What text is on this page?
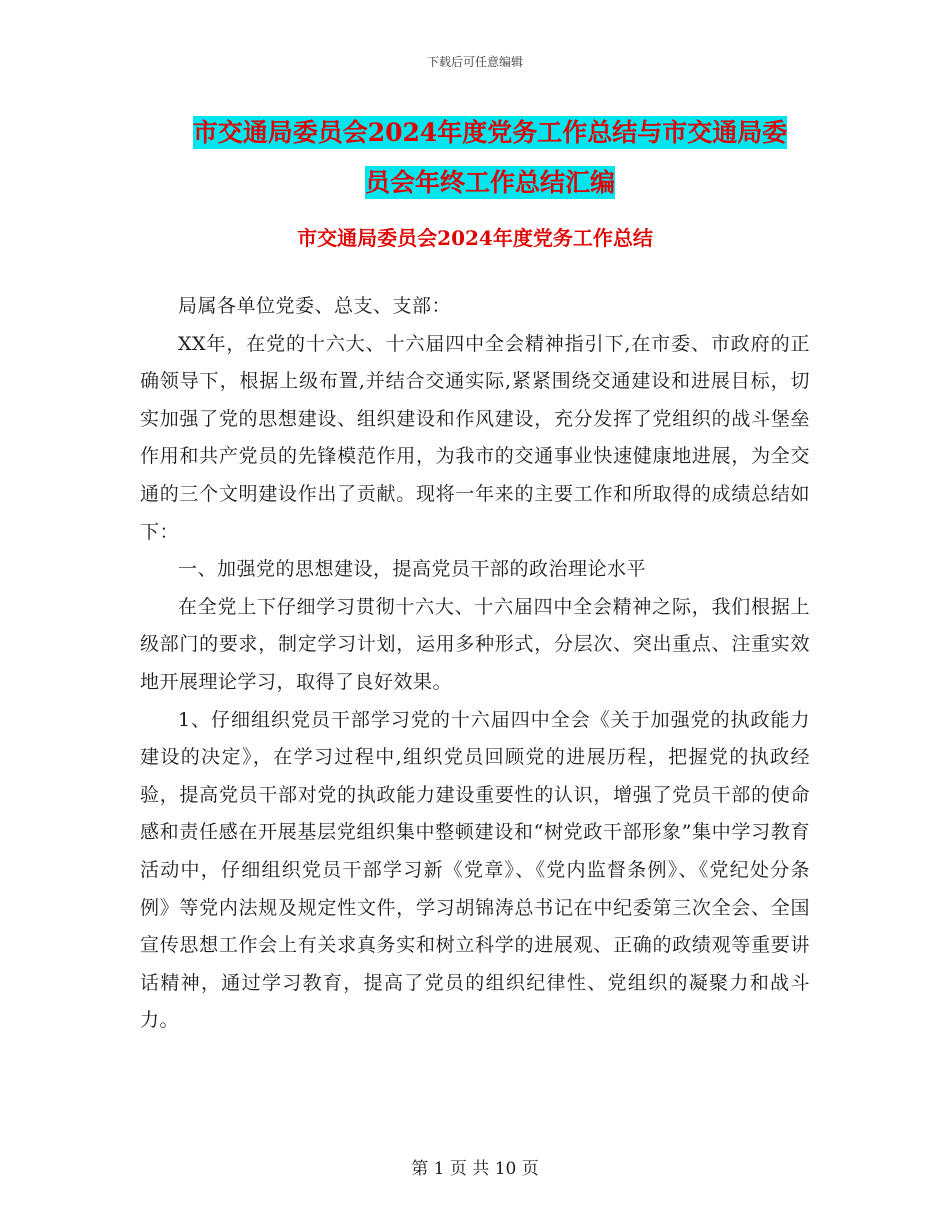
下载后可任意编辑
市交通局委员会2024年度党务工作总结与市交通局委
员会年终工作总结汇编
市交通局委员会2024年度党务工作总结

局属各单位党委、总支、支部：

XX年，在党的十六大、十六届四中全会精神指引下,在市委、市政府的正确领导下，根据上级布置,并结合交通实际,紧紧围绕交通建设和进展目标，切实加强了党的思想建设、组织建设和作风建设，充分发挥了党组织的战斗堡垒作用和共产党员的先锋模范作用，为我市的交通事业快速健康地进展，为全交通的三个文明建设作出了贡献。现将一年来的主要工作和所取得的成绩总结如下：

一、加强党的思想建设，提高党员干部的政治理论水平

在全党上下仔细学习贯彻十六大、十六届四中全会精神之际，我们根据上级部门的要求，制定学习计划，运用多种形式，分层次、突出重点、注重实效地开展理论学习，取得了良好效果。

1、仔细组织党员干部学习党的十六届四中全会《关于加强党的执政能力建设的决定》，在学习过程中,组织党员回顾党的进展历程，把握党的执政经验，提高党员干部对党的执政能力建设重要性的认识，增强了党员干部的使命感和责任感在开展基层党组织集中整顿建设和“树党政干部形象”集中学习教育活动中，仔细组织党员干部学习新《党章》、《党内监督条例》、《党纪处分条例》等党内法规及规定性文件，学习胡锦涛总书记在中纪委第三次全会、全国宣传思想工作会上有关求真务实和树立科学的进展观、正确的政绩观等重要讲话精神，通过学习教育，提高了党员的组织纪律性、党组织的凝聚力和战斗力。

第 1 页 共 10 页
